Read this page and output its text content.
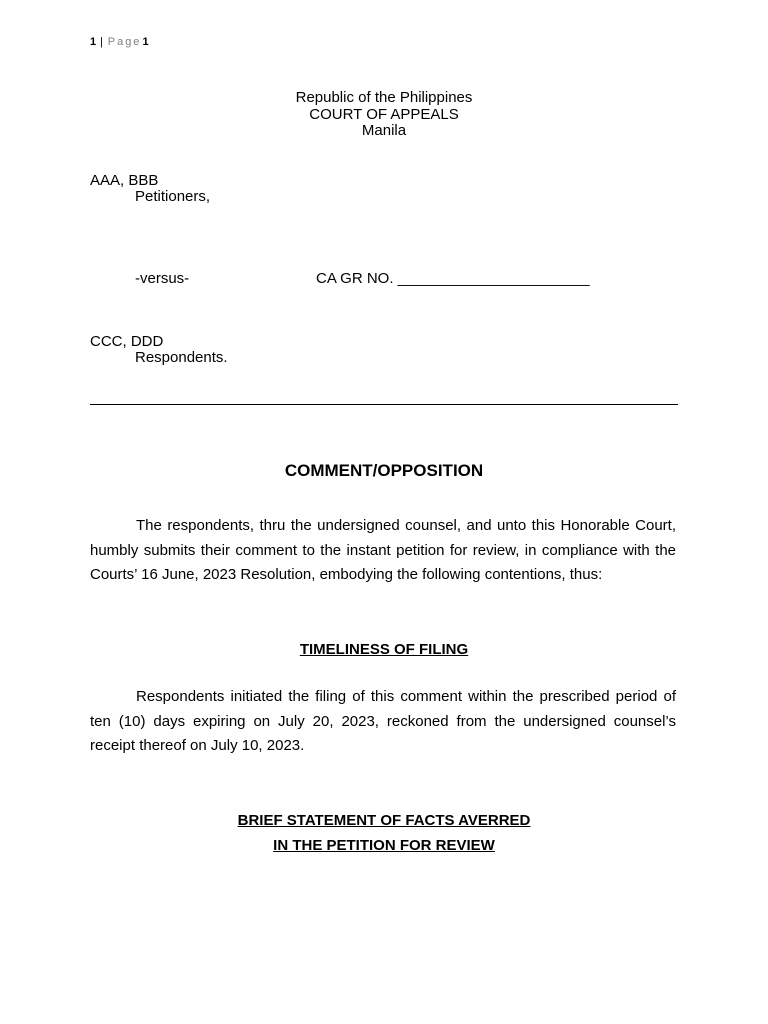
1 | Page1
Republic of the Philippines
COURT OF APPEALS
Manila
AAA, BBB
Petitioners,
-versus-	CA GR NO. _______________________
CCC, DDD
Respondents.
COMMENT/OPPOSITION

The respondents, thru the undersigned counsel, and unto this Honorable Court, humbly submits their comment to the instant petition for review, in compliance with the Courts’ 16 June, 2023 Resolution, embodying the following contentions, thus:

TIMELINESS OF FILING

Respondents initiated the filing of this comment within the prescribed period of ten (10) days expiring on July 20, 2023, reckoned from the undersigned counsel’s receipt thereof on July 10, 2023.

BRIEF STATEMENT OF FACTS AVERRED
IN THE PETITION FOR REVIEW
